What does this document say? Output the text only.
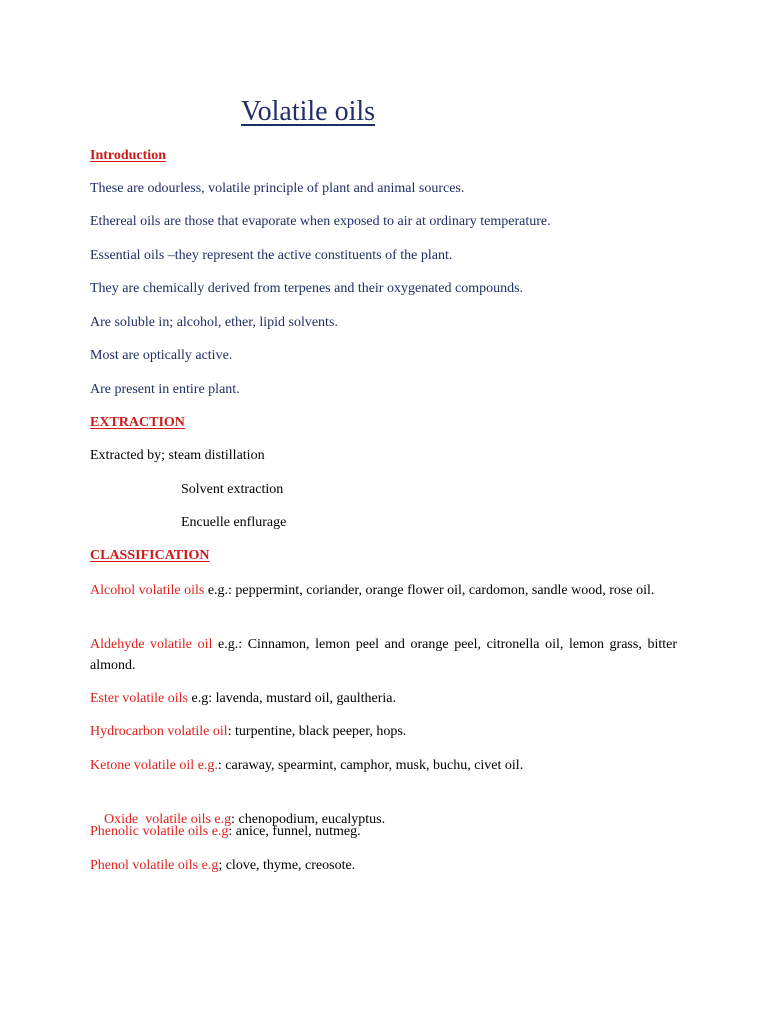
Volatile oils
Introduction
These are odourless, volatile principle of plant and animal sources.
Ethereal oils are those that evaporate when exposed to air at ordinary temperature.
Essential oils –they represent the active constituents of the plant.
They are chemically derived from terpenes and their oxygenated compounds.
Are soluble in; alcohol, ether, lipid solvents.
Most are optically active.
Are present in entire plant.
EXTRACTION
Extracted by; steam distillation
Solvent extraction
Encuelle enflurage
CLASSIFICATION
Alcohol volatile oils e.g.: peppermint, coriander, orange flower oil, cardomon, sandle wood, rose oil.
Aldehyde volatile oil e.g.: Cinnamon, lemon peel and orange peel, citronella oil, lemon grass, bitter almond.
Ester volatile oils e.g: lavenda, mustard oil, gaultheria.
Hydrocarbon volatile oil: turpentine, black peeper, hops.
Ketone volatile oil e.g.: caraway, spearmint, camphor, musk, buchu, civet oil.

Oxide  volatile oils e.g: chenopodium, eucalyptus.

Phenolic volatile oils e.g: anice, funnel, nutmeg.
Phenol volatile oils e.g; clove, thyme, creosote.
